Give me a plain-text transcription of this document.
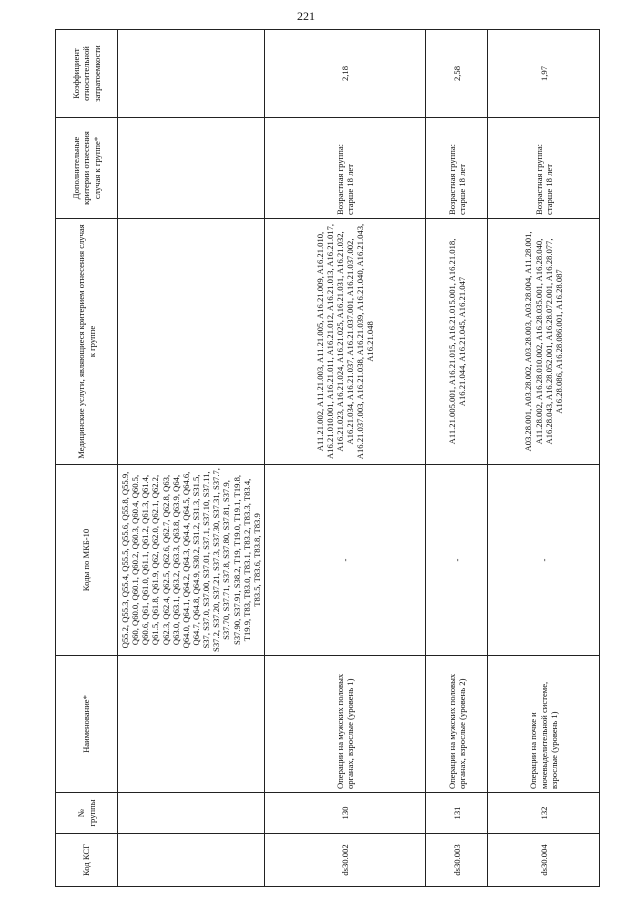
221
Код КСГ	№ группы	Наименование*	Коды по МКБ-10	Медицинские услуги, являющиеся критерием отнесения случая к группе	Дополнительные критерии отнесения случая к группе*	Коэффициент относительной затратоемкости
			Q55.2, Q55.3, Q55.4, Q55.5, Q55.6, Q55.8, Q55.9, Q60, Q60.0, Q60.1, Q60.2, Q60.3, Q60.4, Q60.5, Q60.6, Q61, Q61.0, Q61.1, Q61.2, Q61.3, Q61.4, Q61.5, Q61.8, Q61.9, Q62, Q62.0, Q62.1, Q62.2, Q62.3, Q62.4, Q62.5, Q62.6, Q62.7, Q62.8, Q63, Q63.0, Q63.1, Q63.2, Q63.3, Q63.8, Q63.9, Q64, Q64.0, Q64.1, Q64.2, Q64.3, Q64.4, Q64.5, Q64.6, Q64.7, Q64.8, Q64.9, S30.2, S31.2, S31.3, S31.5, S37, S37.0, S37.00, S37.01, S37.1, S37.10, S37.11, S37.2, S37.20, S37.21, S37.3, S37.30, S37.31, S37.7, S37.70, S37.71, S37.8, S37.80, S37.81, S37.9, S37.90, S37.91, S38.2, T19, T19.0, T19.1, T19.8, T19.9, T83, T83.0, T83.1, T83.2, T83.3, T83.4, T83.5, T83.6, T83.8, T83.9			
ds30.002	130	Операции на мужских половых органах, взрослые (уровень 1)	-	A11.21.002, A11.21.003, A11.21.005, A16.21.009, A16.21.010, A16.21.010.001, A16.21.011, A16.21.012, A16.21.013, A16.21.017, A16.21.023, A16.21.024, A16.21.025, A16.21.031, A16.21.032, A16.21.034, A16.21.037, A16.21.037.001, A16.21.037.002, A16.21.037.003, A16.21.038, A16.21.039, A16.21.040, A16.21.043, A16.21.048	Возрастная группа: старше 18 лет	2,18
ds30.003	131	Операции на мужских половых органах, взрослые (уровень 2)	-	A11.21.005.001, A16.21.015, A16.21.015.001, A16.21.018, A16.21.044, A16.21.045, A16.21.047	Возрастная группа: старше 18 лет	2,58
ds30.004	132	Операции на почке и мочевыделительной системе, взрослые (уровень 1)	-	A03.28.001, A03.28.002, A03.28.003, A03.28.004, A11.28.001, A11.28.002, A16.28.010.002, A16.28.035.001, A16.28.040, A16.28.043, A16.28.052.001, A16.28.072.001, A16.28.077, A16.28.086, A16.28.086.001, A16.28.087	Возрастная группа: старше 18 лет	1,97
